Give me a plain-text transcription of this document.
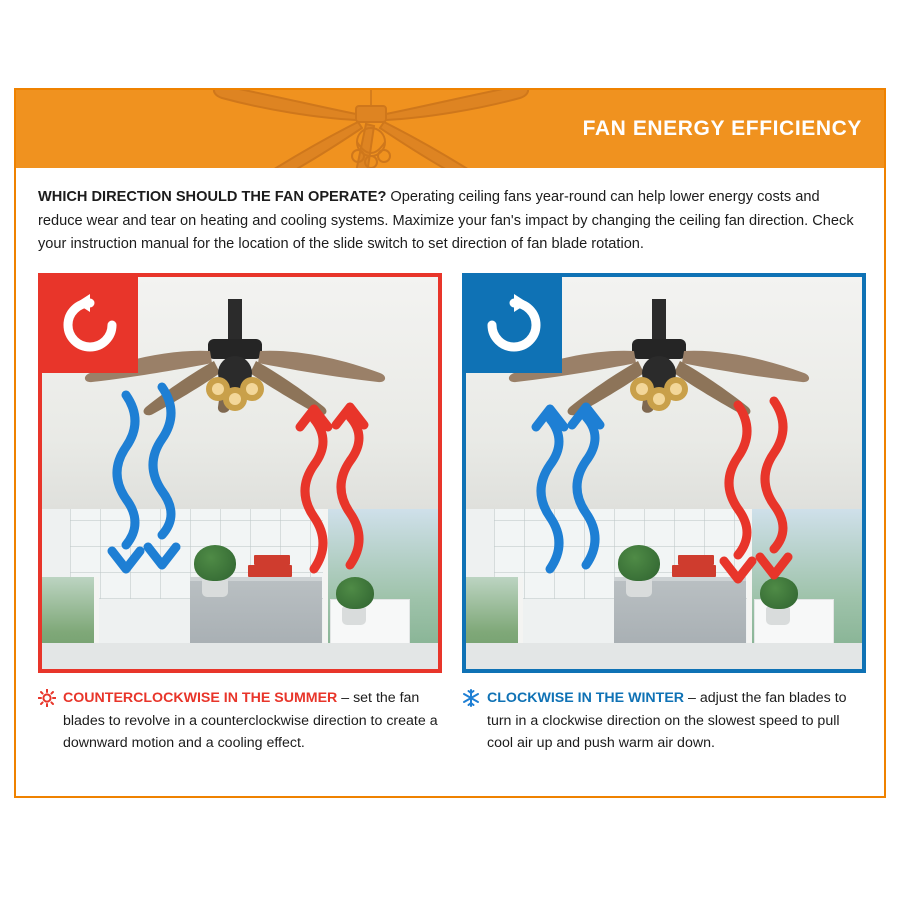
FAN ENERGY EFFICIENCY
WHICH DIRECTION SHOULD THE FAN OPERATE? Operating ceiling fans year-round can help lower energy costs and reduce wear and tear on heating and cooling systems. Maximize your fan's impact by changing the ceiling fan direction. Check your instruction manual for the location of the slide switch to set direction of fan blade rotation.
COUNTERCLOCKWISE IN THE SUMMER – set the fan blades to revolve in a counterclockwise direction to create a downward motion and a cooling effect.
CLOCKWISE IN THE WINTER – adjust the fan blades to turn in a clockwise direction on the slowest speed to pull cool air up and push warm air down.
